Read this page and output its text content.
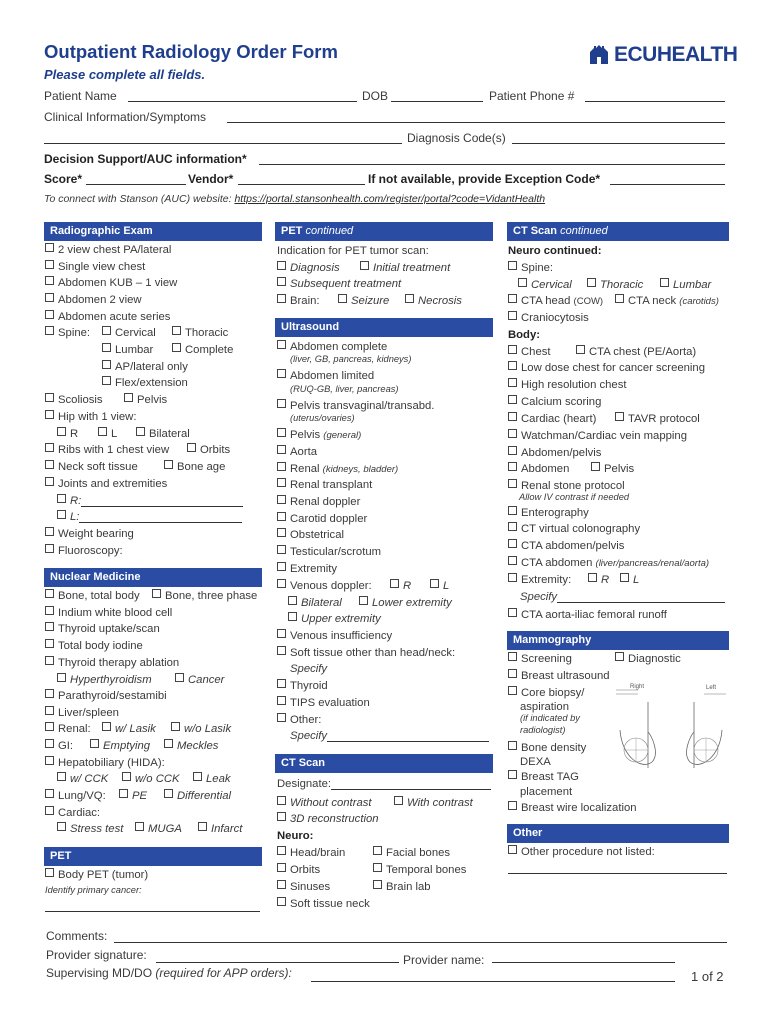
Outpatient Radiology Order Form	ECUHEALTH
Please complete all fields.
Patient Name	DOB	Patient Phone #
Clinical Information/Symptoms
Diagnosis Code(s)
Decision Support/AUC information*
Score*	Vendor*	If not available, provide Exception Code*
To connect with Stanson (AUC) website: https://portal.stansonhealth.com/register/portal?code=VidantHealth
Radiographic Exam
2 view chest PA/lateral
Single view chest
Abdomen KUB – 1 view
Abdomen 2 view
Abdomen acute series
Spine:	Cervical	Thoracic
Lumbar	Complete
AP/lateral only
Flex/extension
Scoliosis	Pelvis
Hip with 1 view:
R	L	Bilateral
Ribs with 1 chest view	Orbits
Neck soft tissue	Bone age
Joints and extremities
R:
L:
Weight bearing
Fluoroscopy:
Nuclear Medicine
Bone, total body	Bone, three phase
Indium white blood cell
Thyroid uptake/scan
Total body iodine
Thyroid therapy ablation
Hyperthyroidism	Cancer
Parathyroid/sestamibi
Liver/spleen
Renal:	w/ Lasik	w/o Lasik
GI:	Emptying	Meckles
Hepatobiliary (HIDA):
w/ CCK	w/o CCK	Leak
Lung/VQ:	PE	Differential
Cardiac:
Stress test	MUGA	Infarct
PET
Body PET (tumor)
Identify primary cancer:
PET continued
Indication for PET tumor scan:
Diagnosis	Initial treatment
Subsequent treatment
Brain:	Seizure	Necrosis
Ultrasound
Abdomen complete
(liver, GB, pancreas, kidneys)
Abdomen limited
(RUQ-GB, liver, pancreas)
Pelvis transvaginal/transabd.
(uterus/ovaries)
Pelvis (general)
Aorta
Renal (kidneys, bladder)
Renal transplant
Renal doppler
Carotid doppler
Obstetrical
Testicular/scrotum
Extremity
Venous doppler:	R	L
Bilateral	Lower extremity
Upper extremity
Venous insufficiency
Soft tissue other than head/neck:
Specify
Thyroid
TIPS evaluation
Other:
Specify
CT Scan
Designate:
Without contrast	With contrast
3D reconstruction
Neuro:
Head/brain	Facial bones
Orbits	Temporal bones
Sinuses	Brain lab
Soft tissue neck
CT Scan continued
Neuro continued:
Spine:
Cervical	Thoracic	Lumbar
CTA head (COW)	CTA neck (carotids)
Craniocytosis
Body:
Chest	CTA chest (PE/Aorta)
Low dose chest for cancer screening
High resolution chest
Calcium scoring
Cardiac (heart)	TAVR protocol
Watchman/Cardiac vein mapping
Abdomen/pelvis
Abdomen	Pelvis
Renal stone protocol
Allow IV contrast if needed
Enterography
CT virtual colonography
CTA abdomen/pelvis
CTA abdomen (liver/pancreas/renal/aorta)
Extremity:	R	L
Specify
CTA aorta-iliac femoral runoff
Mammography
Screening	Diagnostic
Breast ultrasound
Core biopsy/
aspiration
(if indicated by
radiologist)
Bone density
DEXA
Breast TAG
placement
Breast wire localization
Right	Left
Other
Other procedure not listed:
Comments:
Provider signature:	Provider name:
Supervising MD/DO (required for APP orders):	1 of 2
